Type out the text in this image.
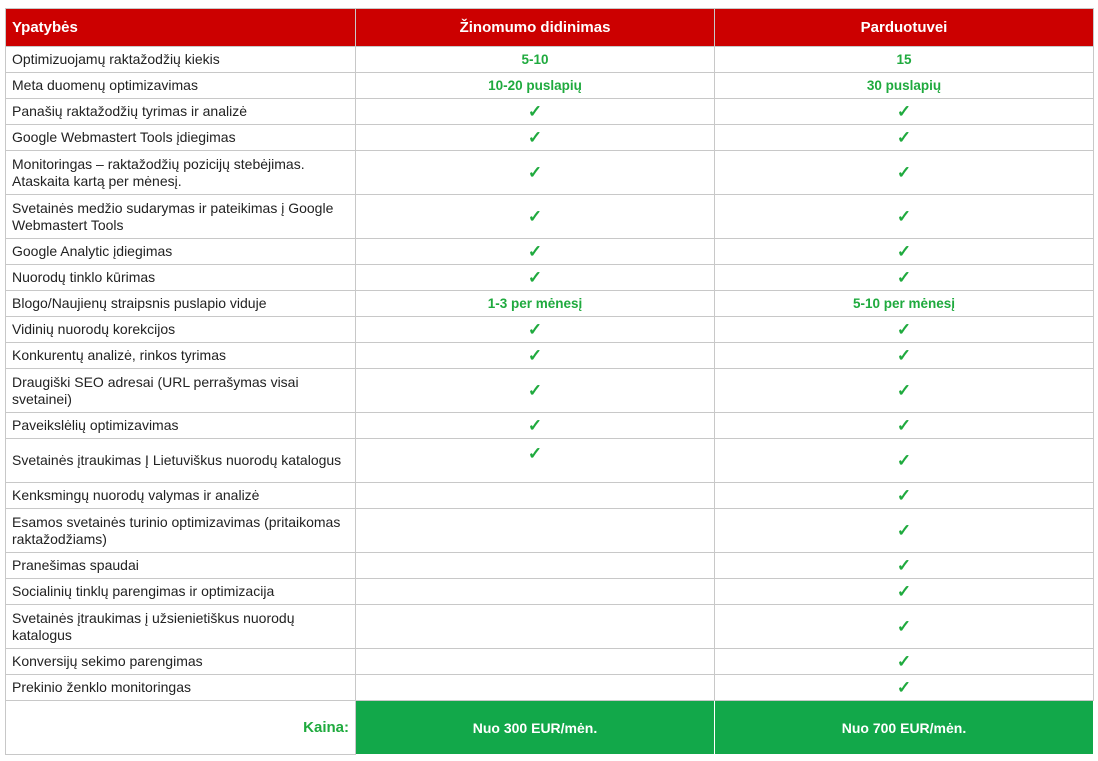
Ypatybės	Žinomumo didinimas	Parduotuvei
Optimizuojamų raktažodžių kiekis	5-10	15
Meta duomenų optimizavimas	10-20 puslapių	30 puslapių
Panašių raktažodžių tyrimas ir analizė	✓	✓
Google Webmastert Tools įdiegimas	✓	✓
Monitoringas – raktažodžių pozicijų stebėjimas. Ataskaita kartą per mėnesį.	✓	✓
Svetainės medžio sudarymas ir pateikimas į Google Webmastert Tools	✓	✓
Google Analytic įdiegimas	✓	✓
Nuorodų tinklo kūrimas	✓	✓
Blogo/Naujienų straipsnis puslapio viduje	1-3 per mėnesį	5-10 per mėnesį
Vidinių nuorodų korekcijos	✓	✓
Konkurentų analizė, rinkos tyrimas	✓	✓
Draugiški SEO adresai (URL perrašymas visai svetainei)	✓	✓
Paveikslėlių optimizavimas	✓	✓
Svetainės įtraukimas Į Lietuviškus nuorodų katalogus	✓	✓
Kenksmingų nuorodų valymas ir analizė		✓
Esamos svetainės turinio optimizavimas (pritaikomas raktažodžiams)		✓
Pranešimas spaudai		✓
Socialinių tinklų parengimas ir optimizacija		✓
Svetainės įtraukimas į užsienietiškus nuorodų katalogus		✓
Konversijų sekimo parengimas		✓
Prekinio ženklo monitoringas		✓
Kaina:	Nuo 300 EUR/mėn.	Nuo 700 EUR/mėn.
